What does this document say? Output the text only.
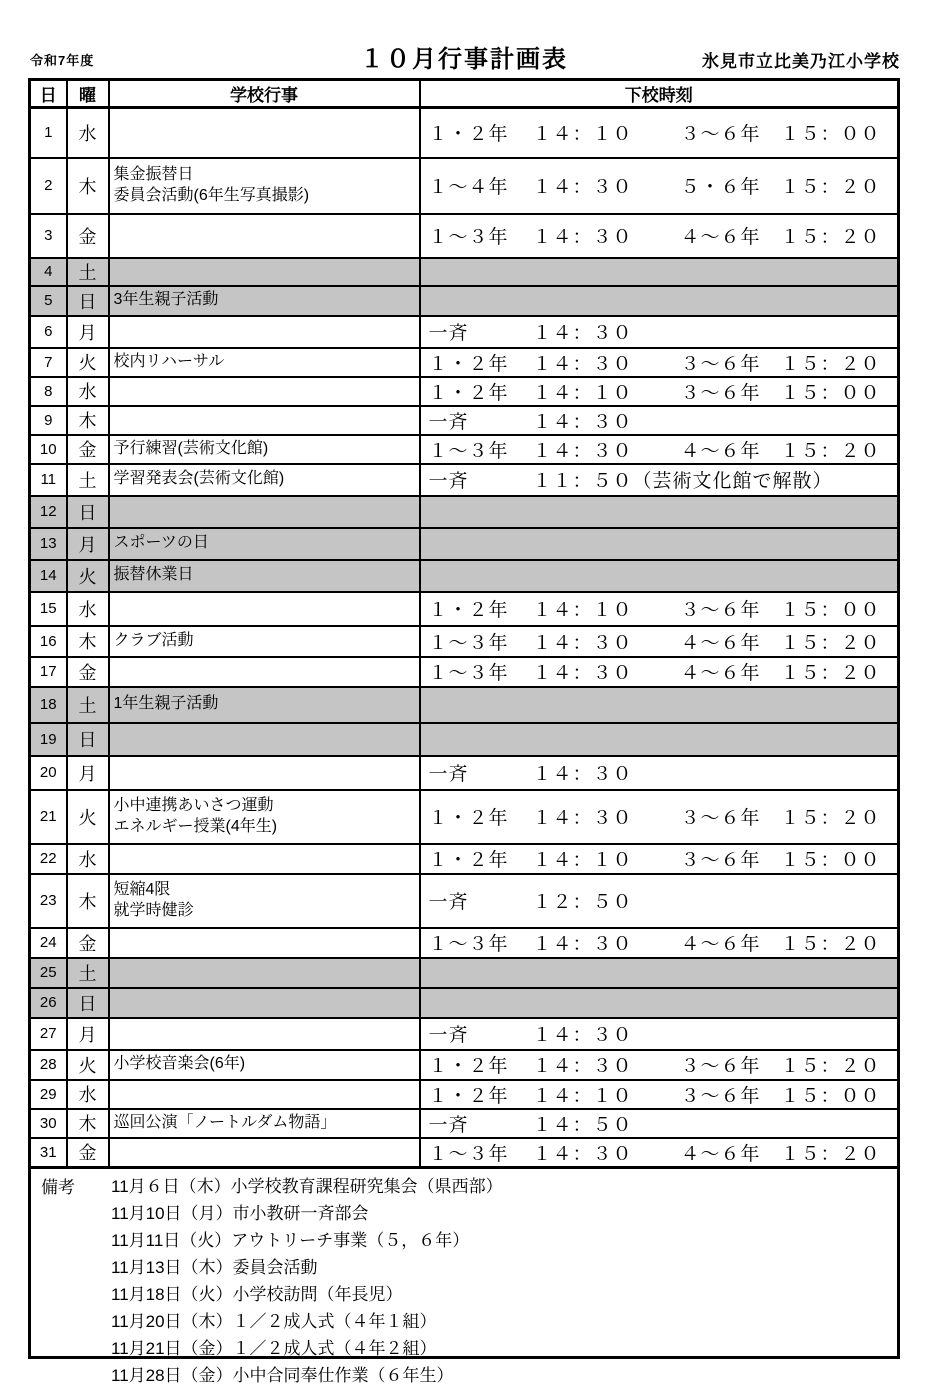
令和7年度	１０月行事計画表	氷見市立比美乃江小学校
日	曜	学校行事	下校時刻
1	水		１・２年 １４：１０ ３～６年 １５：００
2	木	集金振替日
委員会活動(6年生写真撮影)	１～４年 １４：３０ ５・６年 １５：２０
3	金		１～３年 １４：３０ ４～６年 １５：２０
4	土		
5	日	3年生親子活動	

6	月		一斉 １４：３０
7	火	校内リハーサル	１・２年 １４：３０ ３～６年 １５：２０
8	水		１・２年 １４：１０ ３～６年 １５：００
9	木		一斉 １４：３０
10	金	予行練習(芸術文化館)	１～３年 １４：３０ ４～６年 １５：２０
11	土	学習発表会(芸術文化館)	一斉 １１：５０（芸術文化館で解散）
12	日		
13	月	スポーツの日	

14	火	振替休業日	

15	水		１・２年 １４：１０ ３～６年 １５：００
16	木	クラブ活動	１～３年 １４：３０ ４～６年 １５：２０
17	金		１～３年 １４：３０ ４～６年 １５：２０
18	土	1年生親子活動	

19	日		
20	月		一斉 １４：３０
21	火	小中連携あいさつ運動
エネルギー授業(4年生)	１・２年 １４：３０ ３～６年 １５：２０
22	水		１・２年 １４：１０ ３～６年 １５：００
23	木	短縮4限
就学時健診	一斉 １２：５０
24	金		１～３年 １４：３０ ４～６年 １５：２０
25	土		
26	日		
27	月		一斉 １４：３０
28	火	小学校音楽会(6年)	１・２年 １４：３０ ３～６年 １５：２０
29	水		１・２年 １４：１０ ３～６年 １５：００
30	木	巡回公演「ノートルダム物語」	一斉 １４：５０
31	金		１～３年 １４：３０ ４～６年 １５：２０
備考	11月６日（木）小学校教育課程研究集会（県西部）
11月10日（月）市小教研一斉部会
11月11日（火）アウトリーチ事業（５，６年）
11月13日（木）委員会活動
11月18日（火）小学校訪問（年長児）
11月20日（木）１／２成人式（４年１組）
11月21日（金）１／２成人式（４年２組）
11月28日（金）小中合同奉仕作業（６年生）
